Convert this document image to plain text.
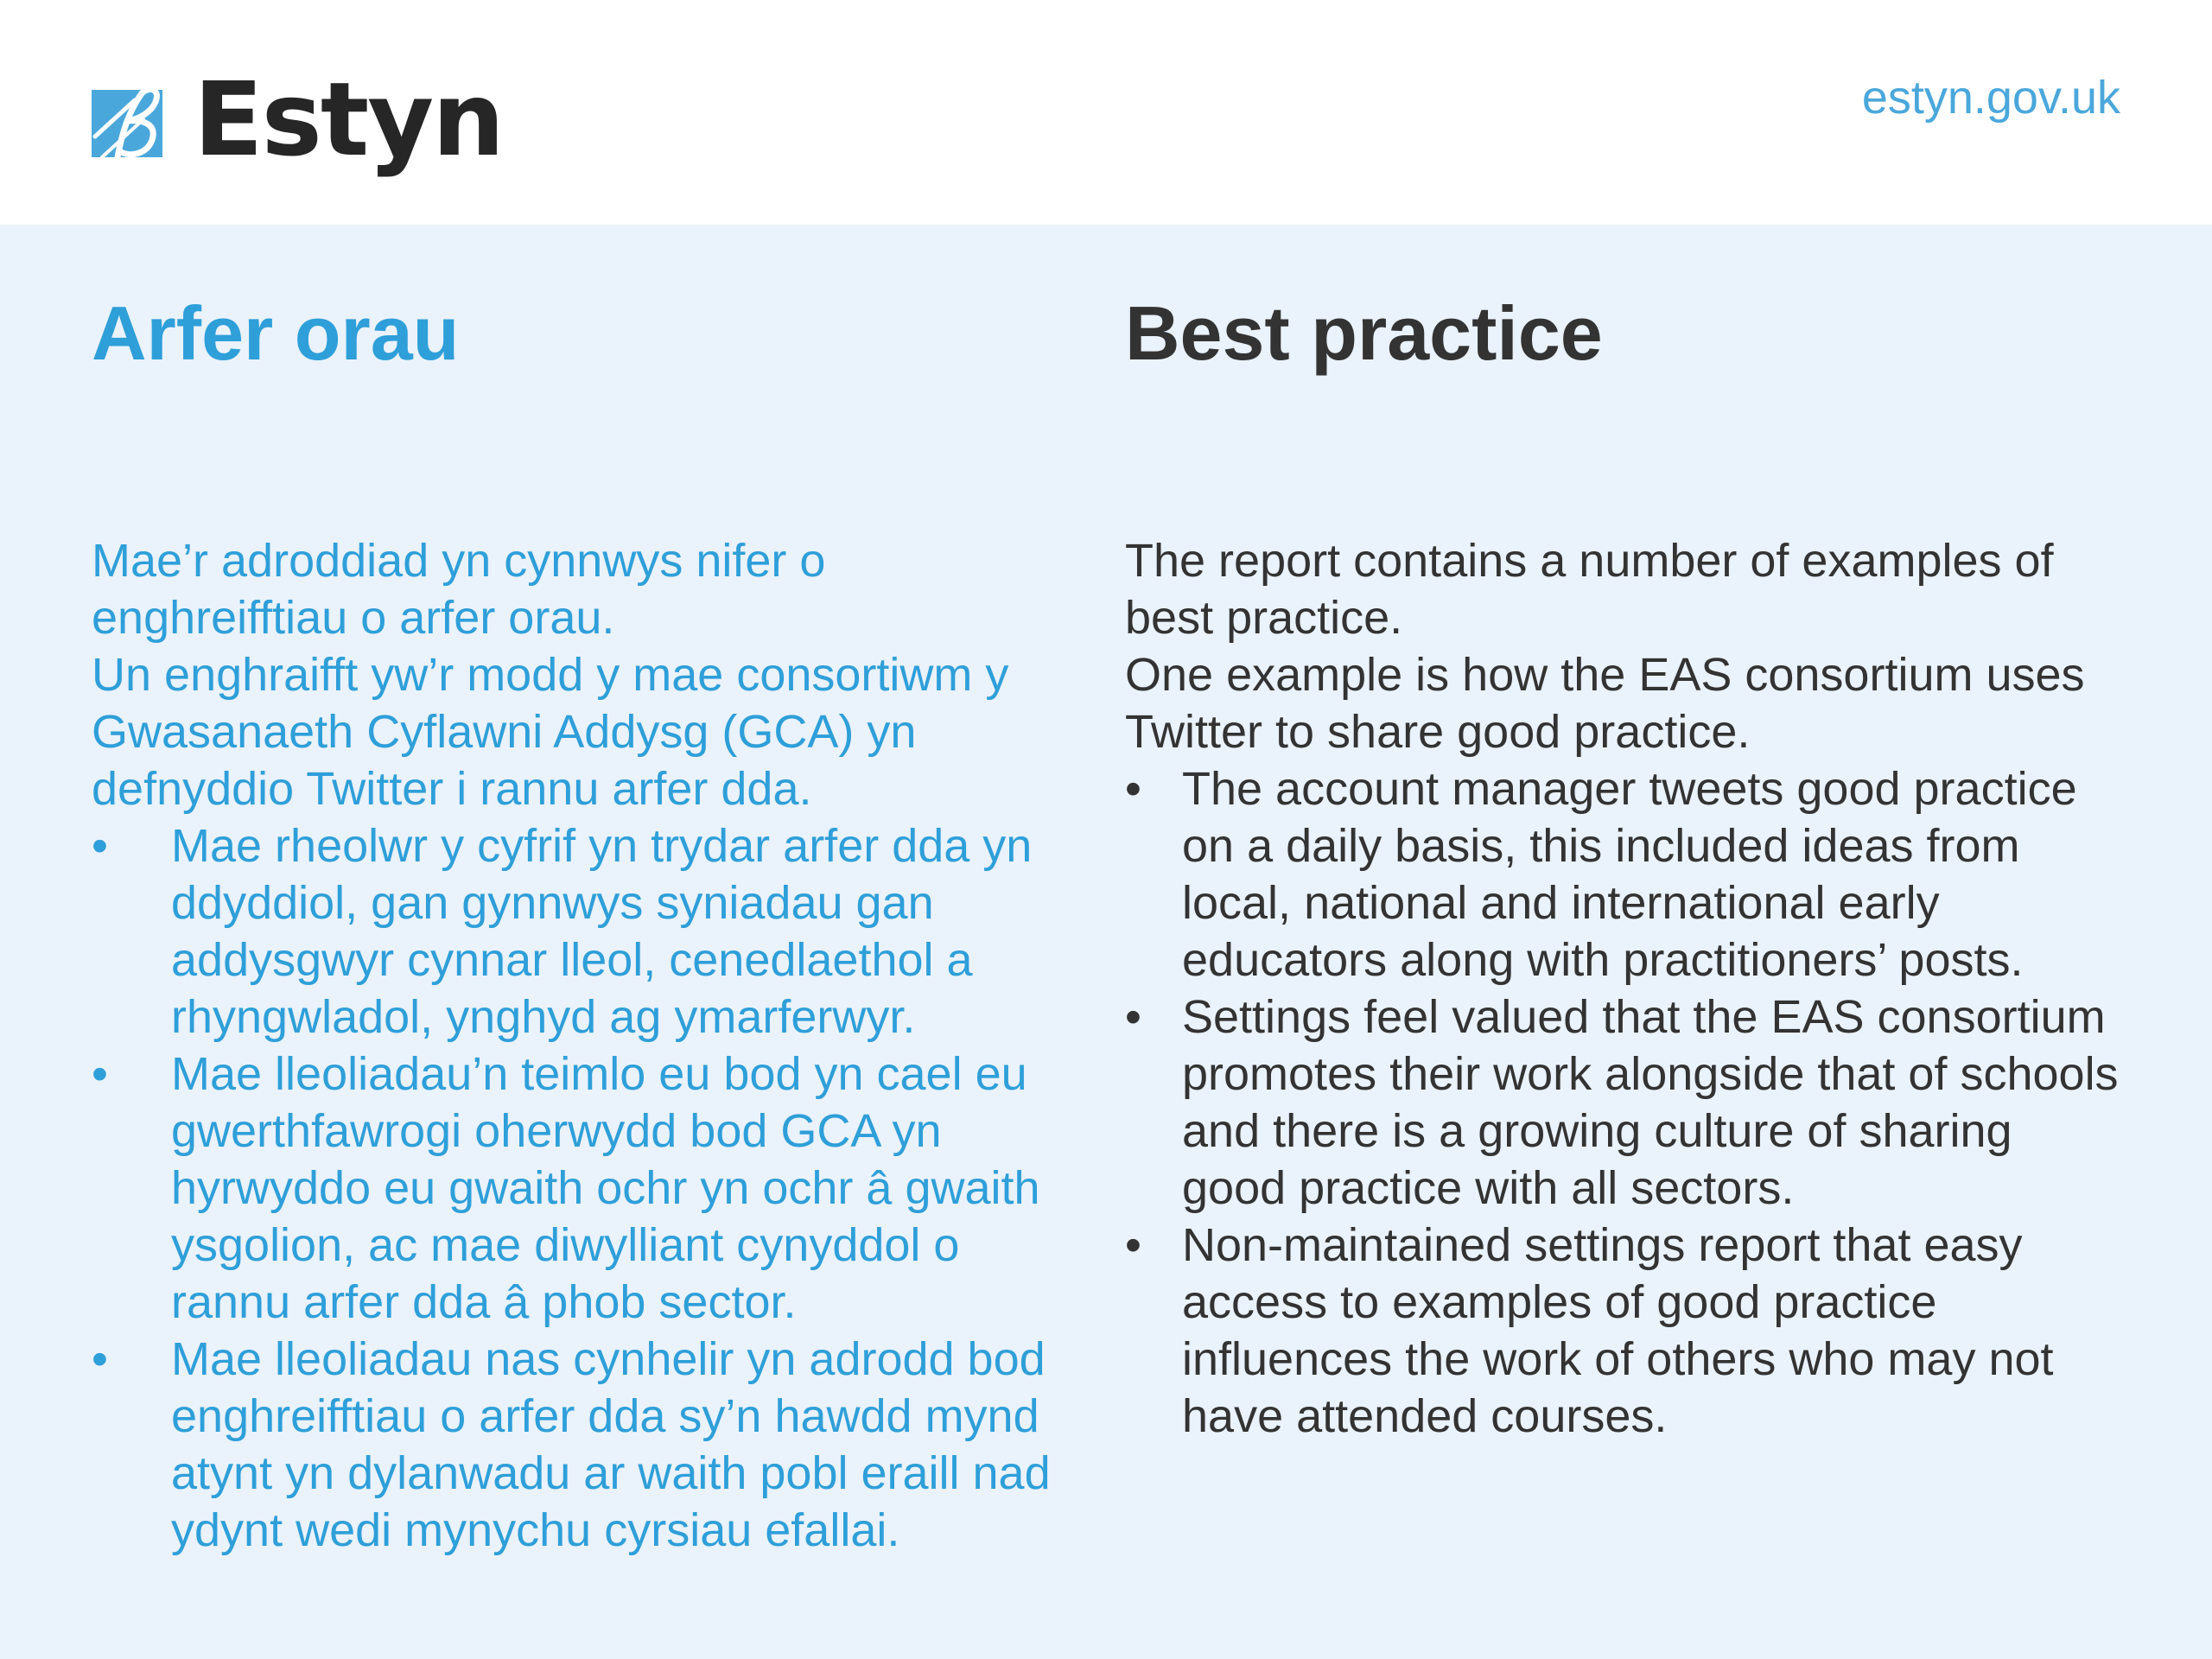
Estyn	estyn.gov.uk
Arfer orau

Mae’r adroddiad yn cynnwys nifer o enghreifftiau o arfer orau.

Un enghraifft yw’r modd y mae consortiwm y Gwasanaeth Cyflawni Addysg (GCA) yn defnyddio Twitter i rannu arfer dda.

• Mae rheolwr y cyfrif yn trydar arfer dda yn ddyddiol, gan gynnwys syniadau gan addysgwyr cynnar lleol, cenedlaethol a rhyngwladol, ynghyd ag ymarferwyr.
• Mae lleoliadau’n teimlo eu bod yn cael eu gwerthfawrogi oherwydd bod GCA yn hyrwyddo eu gwaith ochr yn ochr â gwaith ysgolion, ac mae diwylliant cynyddol o rannu arfer dda â phob sector.
• Mae lleoliadau nas cynhelir yn adrodd bod enghreifftiau o arfer dda sy’n hawdd mynd atynt yn dylanwadu ar waith pobl eraill nad ydynt wedi mynychu cyrsiau efallai.
Best practice

The report contains a number of examples of best practice.

One example is how the EAS consortium uses Twitter to share good practice.

• The account manager tweets good practice on a daily basis, this included ideas from local, national and international early educators along with practitioners’ posts.
• Settings feel valued that the EAS consortium promotes their work alongside that of schools and there is a growing culture of sharing good practice with all sectors.
• Non-maintained settings report that easy access to examples of good practice influences the work of others who may not have attended courses.
